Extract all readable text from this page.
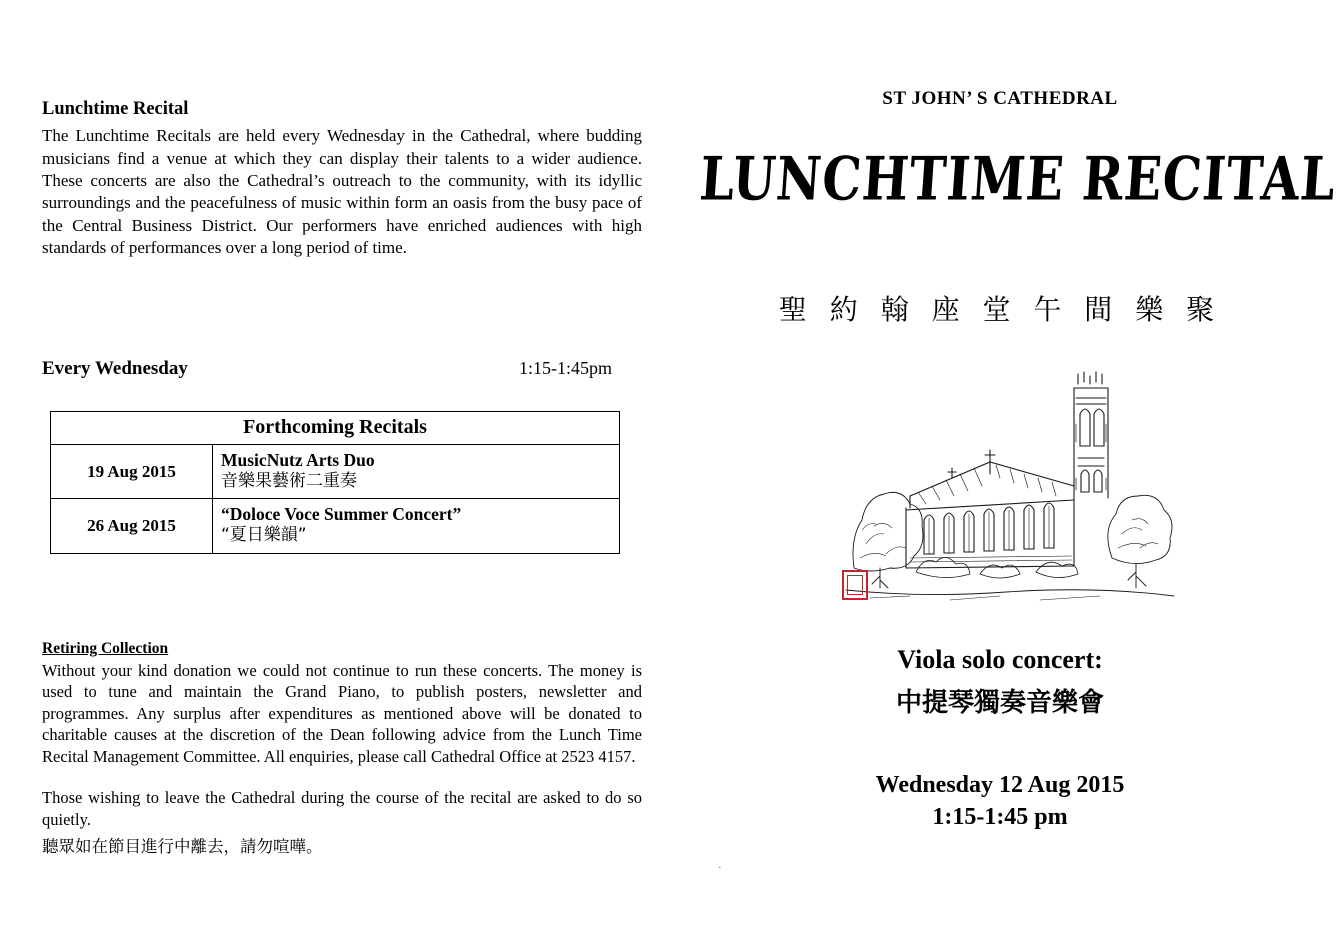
Lunchtime Recital

The Lunchtime Recitals are held every Wednesday in the Cathedral, where budding musicians find a venue at which they can display their talents to a wider audience. These concerts are also the Cathedral’s outreach to the community, with its idyllic surroundings and the peacefulness of music within form an oasis from the busy pace of the Central Business District. Our performers have enriched audiences with high standards of performances over a long period of time.

Every Wednesday	1:15-1:45pm
Forthcoming Recitals	
19 Aug 2015	MusicNutz Arts Duo
音樂果藝術二重奏

26 Aug 2015	“Doloce Voce Summer Concert”
“夏日樂韻”
Retiring Collection

Without your kind donation we could not continue to run these concerts. The money is used to tune and maintain the Grand Piano, to publish posters, newsletter and programmes. Any surplus after expenditures as mentioned above will be donated to charitable causes at the discretion of the Dean following advice from the Lunch Time Recital Management Committee. All enquiries, please call Cathedral Office at 2523 4157.

Those wishing to leave the Cathedral during the course of the recital are asked to do so quietly.

聽眾如在節目進行中離去，請勿喧嘩。

ST JOHN’ S CATHEDRAL
LUNCHTIME RECITAL
聖 約 翰 座 堂 午 間 樂 聚
Viola solo concert:
中提琴獨奏音樂會
Wednesday 12 Aug 2015
1:15-1:45 pm
·
